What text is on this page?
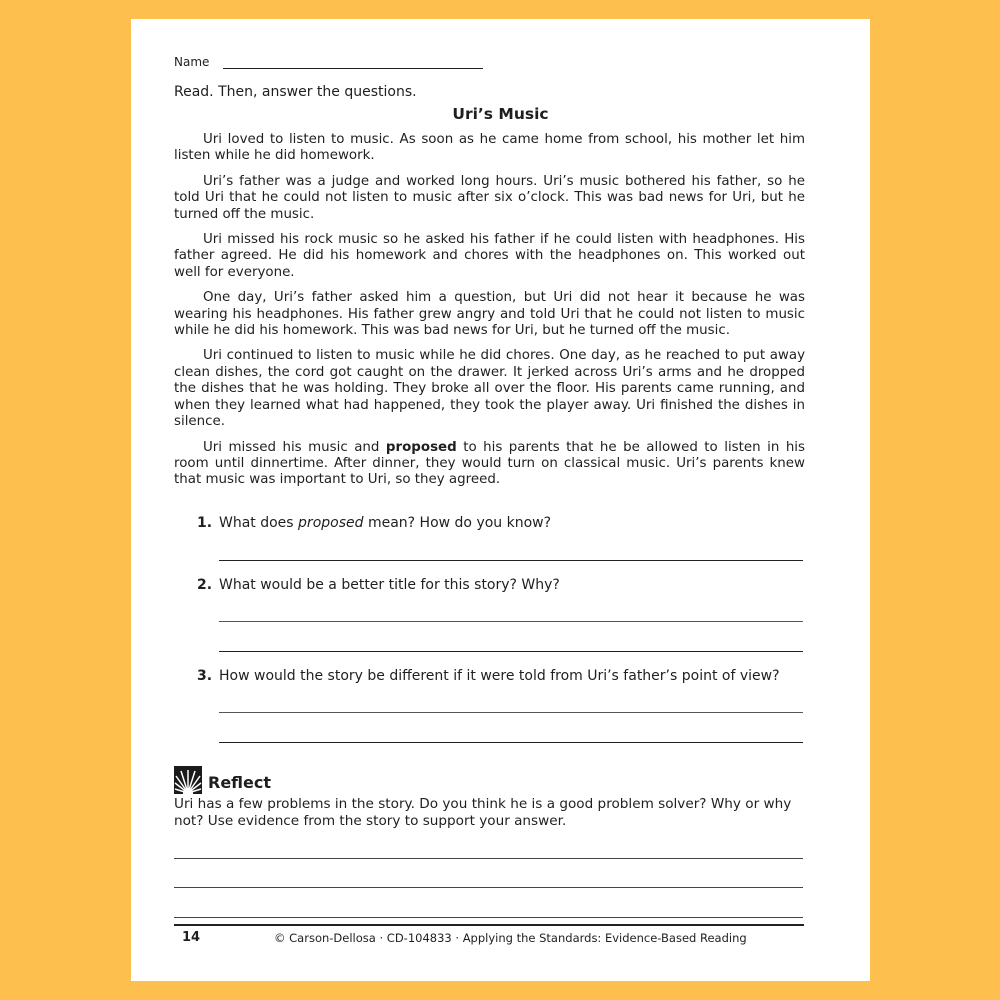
Name
Read. Then, answer the questions.
Uri’s Music

Uri loved to listen to music. As soon as he came home from school, his mother let him listen while he did homework.

Uri’s father was a judge and worked long hours. Uri’s music bothered his father, so he told Uri that he could not listen to music after six o’clock. This was bad news for Uri, but he turned off the music.

Uri missed his rock music so he asked his father if he could listen with headphones. His father agreed. He did his homework and chores with the headphones on. This worked out well for everyone.

One day, Uri’s father asked him a question, but Uri did not hear it because he was wearing his headphones. His father grew angry and told Uri that he could not listen to music while he did his homework. This was bad news for Uri, but he turned off the music.

Uri continued to listen to music while he did chores. One day, as he reached to put away clean dishes, the cord got caught on the drawer. It jerked across Uri’s arms and he dropped the dishes that he was holding. They broke all over the floor. His parents came running, and when they learned what had happened, they took the player away. Uri finished the dishes in silence.

Uri missed his music and proposed to his parents that he be allowed to listen in his room until dinnertime. After dinner, they would turn on classical music. Uri’s parents knew that music was important to Uri, so they agreed.

1. What does proposed mean? How do you know?
2. What would be a better title for this story? Why?
3. How would the story be different if it were told from Uri’s father’s point of view?
Reflect
Uri has a few problems in the story. Do you think he is a good problem solver? Why or why not? Use evidence from the story to support your answer.
14	© Carson-Dellosa · CD-104833 · Applying the Standards: Evidence-Based Reading
